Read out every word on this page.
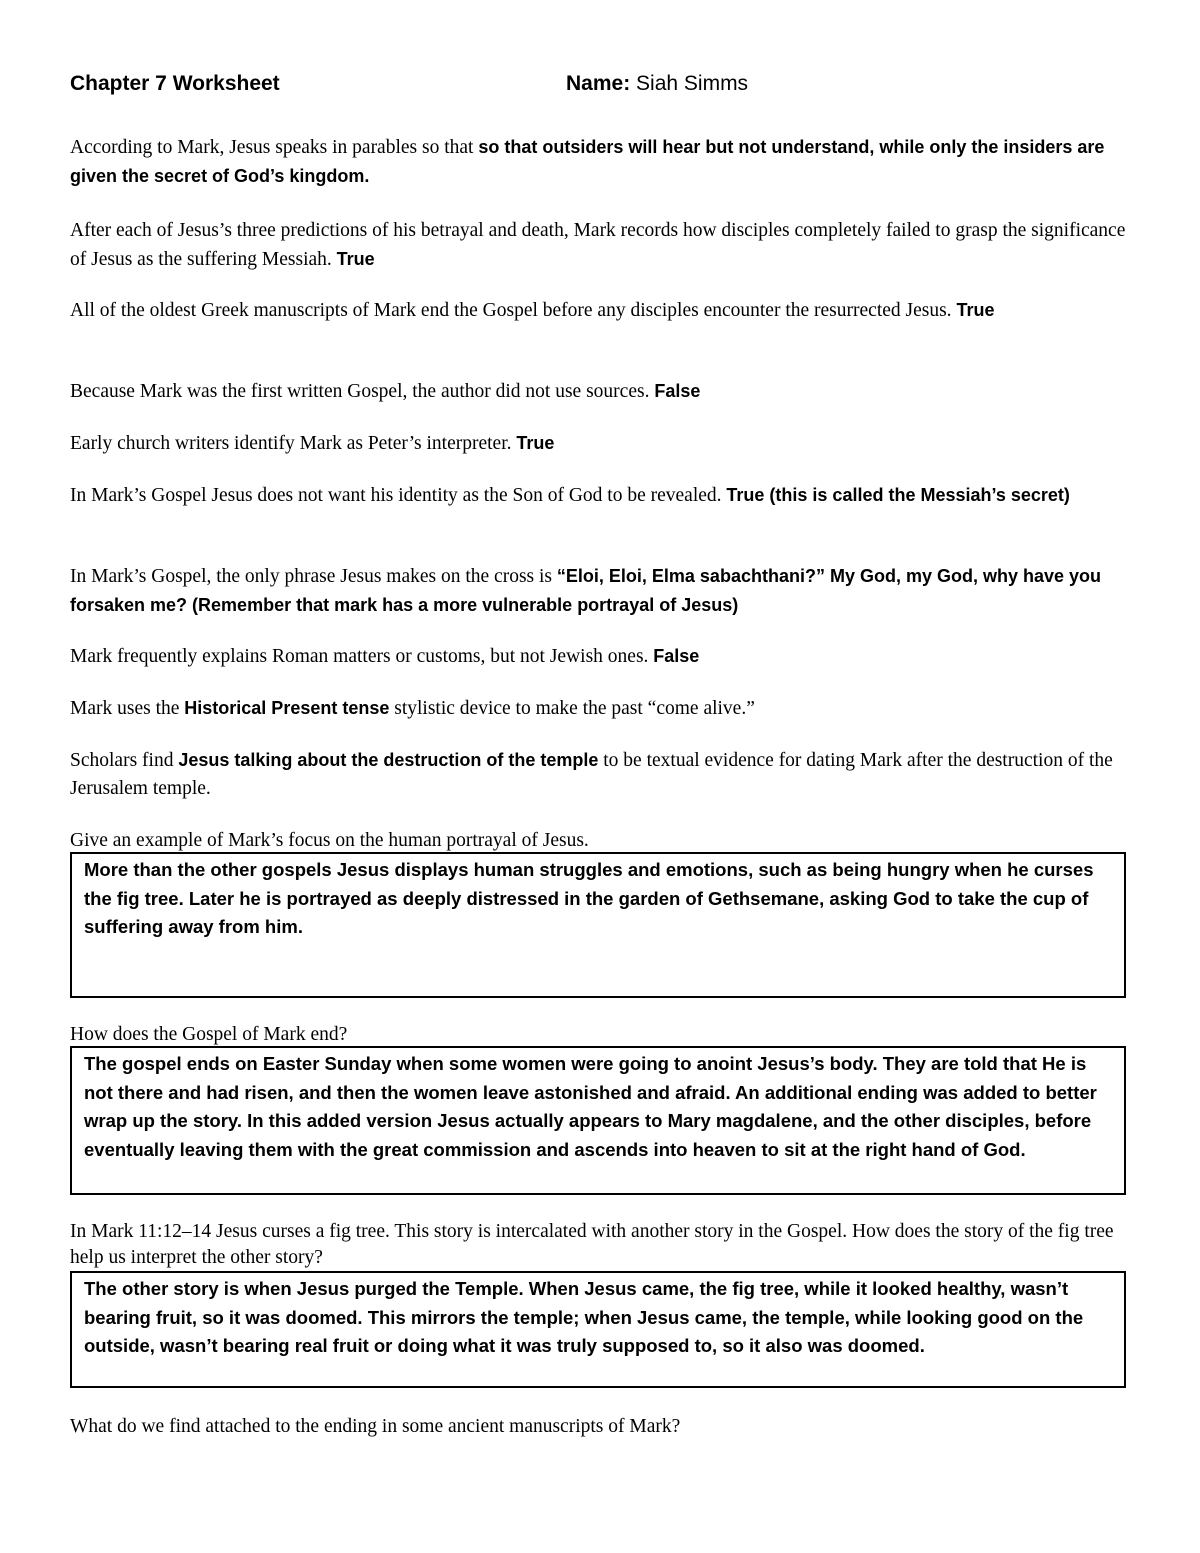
Chapter 7 Worksheet	Name: Siah Simms
According to Mark, Jesus speaks in parables so that so that outsiders will hear but not understand, while only the insiders are given the secret of God’s kingdom.
After each of Jesus’s three predictions of his betrayal and death, Mark records how disciples completely failed to grasp the significance of Jesus as the suffering Messiah. True
All of the oldest Greek manuscripts of Mark end the Gospel before any disciples encounter the resurrected Jesus. True
Because Mark was the first written Gospel, the author did not use sources. False
Early church writers identify Mark as Peter’s interpreter. True
In Mark’s Gospel Jesus does not want his identity as the Son of God to be revealed. True (this is called the Messiah’s secret)
In Mark’s Gospel, the only phrase Jesus makes on the cross is “Eloi, Eloi, Elma sabachthani?” My God, my God, why have you forsaken me? (Remember that mark has a more vulnerable portrayal of Jesus)
Mark frequently explains Roman matters or customs, but not Jewish ones. False
Mark uses the Historical Present tense stylistic device to make the past “come alive.”
Scholars find Jesus talking about the destruction of the temple to be textual evidence for dating Mark after the destruction of the Jerusalem temple.
Give an example of Mark’s focus on the human portrayal of Jesus.
More than the other gospels Jesus displays human struggles and emotions, such as being hungry when he curses the fig tree. Later he is portrayed as deeply distressed in the garden of Gethsemane, asking God to take the cup of suffering away from him.
How does the Gospel of Mark end?
The gospel ends on Easter Sunday when some women were going to anoint Jesus’s body. They are told that He is not there and had risen, and then the women leave astonished and afraid. An additional ending was added to better wrap up the story. In this added version Jesus actually appears to Mary magdalene, and the other disciples, before eventually leaving them with the great commission and ascends into heaven to sit at the right hand of God.
In Mark 11:12–14 Jesus curses a fig tree. This story is intercalated with another story in the Gospel. How does the story of the fig tree help us interpret the other story?
The other story is when Jesus purged the Temple. When Jesus came, the fig tree, while it looked healthy, wasn’t bearing fruit, so it was doomed. This mirrors the temple; when Jesus came, the temple, while looking good on the outside, wasn’t bearing real fruit or doing what it was truly supposed to, so it also was doomed.
What do we find attached to the ending in some ancient manuscripts of Mark?
